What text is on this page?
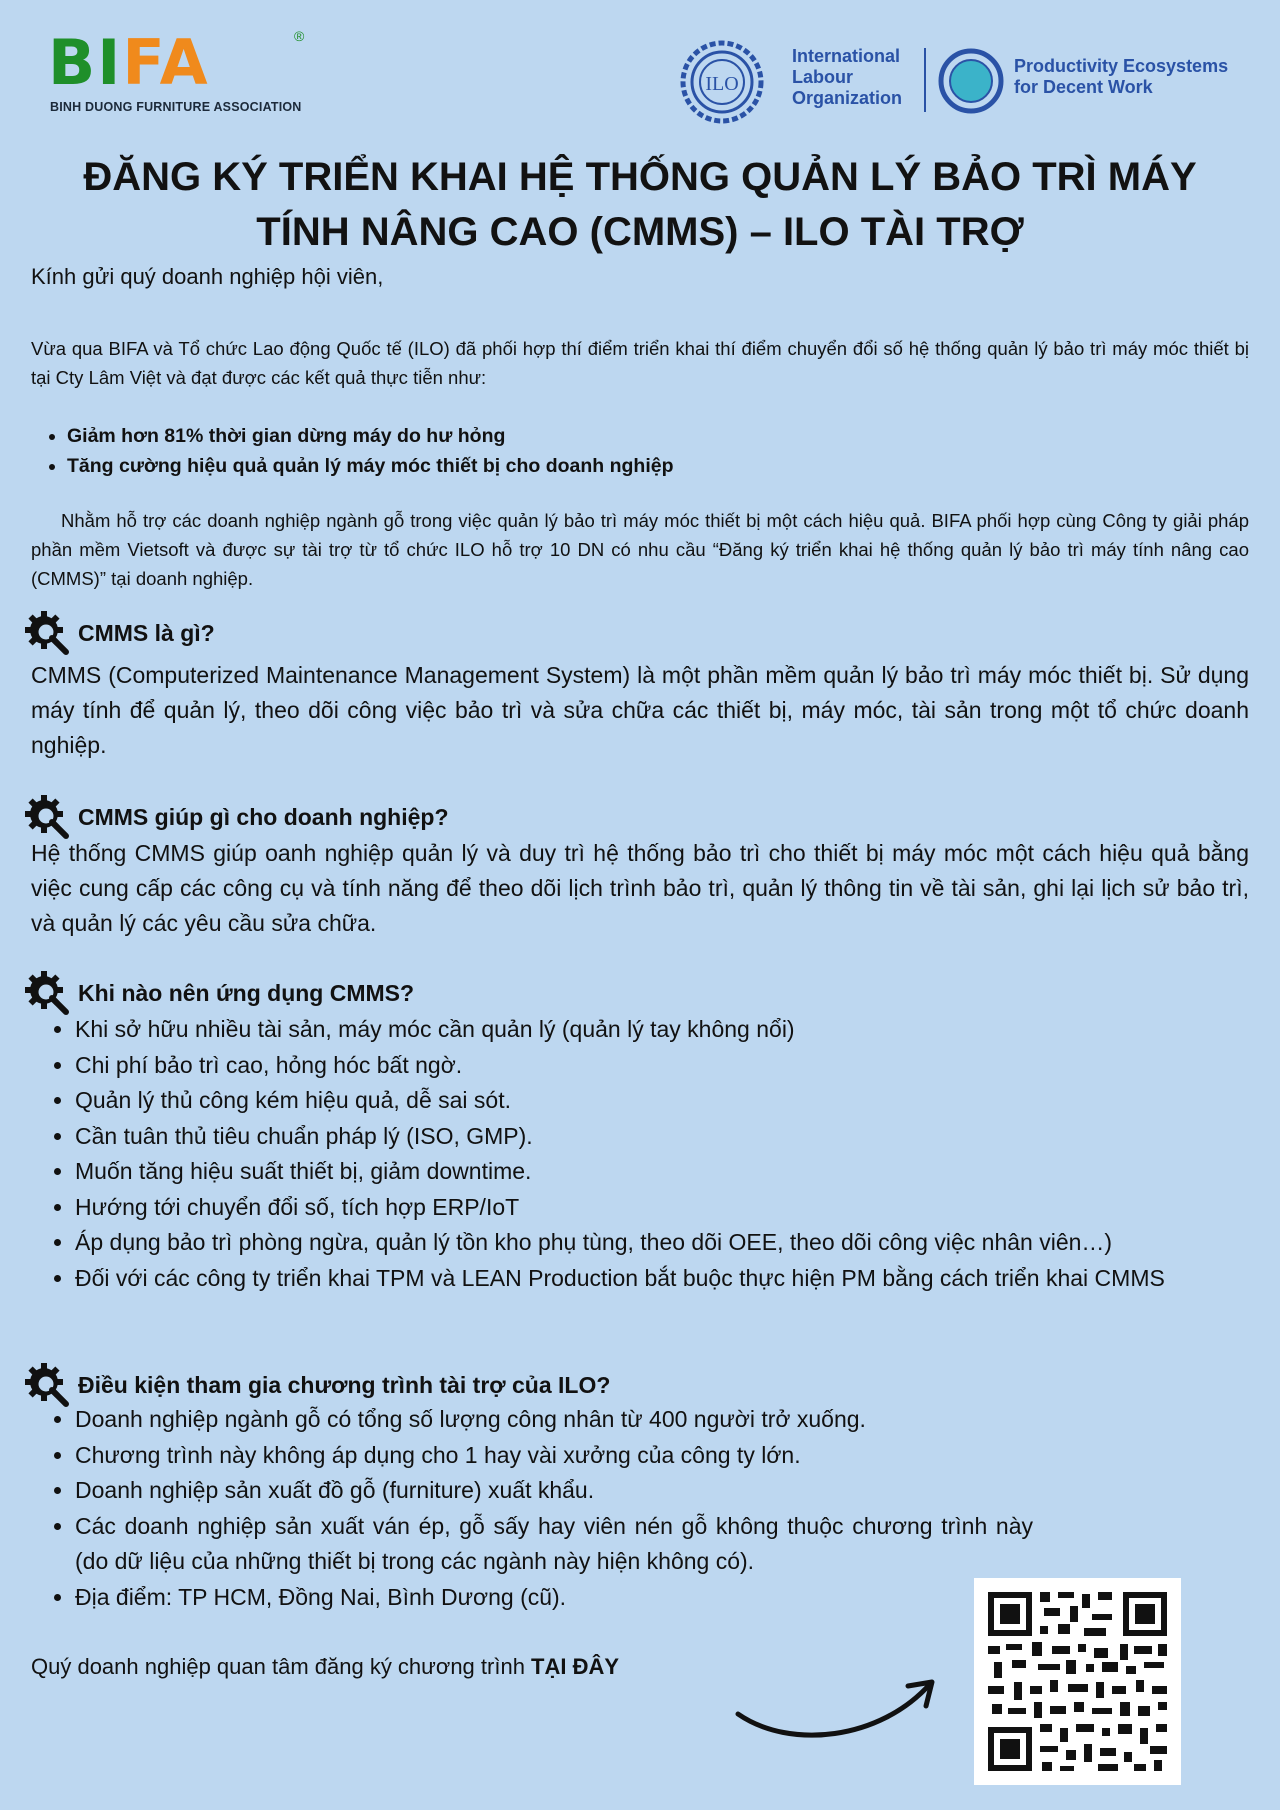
BIFA	®
BINH DUONG FURNITURE ASSOCIATION
ILO
International
Labour
Organization
Productivity Ecosystems
for Decent Work
ĐĂNG KÝ TRIỂN KHAI HỆ THỐNG QUẢN LÝ BẢO TRÌ MÁY
TÍNH NÂNG CAO (CMMS) – ILO TÀI TRỢ
Kính gửi quý doanh nghiệp hội viên,
Vừa qua BIFA và Tổ chức Lao động Quốc tế (ILO) đã phối hợp thí điểm triển khai thí điểm chuyển đổi số hệ thống quản lý bảo trì máy móc thiết bị tại Cty Lâm Việt và đạt được các kết quả thực tiễn như:
• Giảm hơn 81% thời gian dừng máy do hư hỏng
• Tăng cường hiệu quả quản lý máy móc thiết bị cho doanh nghiệp
Nhằm hỗ trợ các doanh nghiệp ngành gỗ trong việc quản lý bảo trì máy móc thiết bị một cách hiệu quả. BIFA phối hợp cùng Công ty giải pháp phần mềm Vietsoft và được sự tài trợ từ tổ chức ILO hỗ trợ 10 DN có nhu cầu “Đăng ký triển khai hệ thống quản lý bảo trì máy tính nâng cao (CMMS)” tại doanh nghiệp.
CMMS là gì?
CMMS (Computerized Maintenance Management System) là một phần mềm quản lý bảo trì máy móc thiết bị. Sử dụng máy tính để quản lý, theo dõi công việc bảo trì và sửa chữa các thiết bị, máy móc, tài sản trong một tổ chức doanh nghiệp.
CMMS giúp gì cho doanh nghiệp?
Hệ thống CMMS giúp oanh nghiệp quản lý và duy trì hệ thống bảo trì cho thiết bị máy móc một cách hiệu quả bằng việc cung cấp các công cụ và tính năng để theo dõi lịch trình bảo trì, quản lý thông tin về tài sản, ghi lại lịch sử bảo trì, và quản lý các yêu cầu sửa chữa.
Khi nào nên ứng dụng CMMS?
• Khi sở hữu nhiều tài sản, máy móc cần quản lý (quản lý tay không nổi)
• Chi phí bảo trì cao, hỏng hóc bất ngờ.
• Quản lý thủ công kém hiệu quả, dễ sai sót.
• Cần tuân thủ tiêu chuẩn pháp lý (ISO, GMP).
• Muốn tăng hiệu suất thiết bị, giảm downtime.
• Hướng tới chuyển đổi số, tích hợp ERP/IoT
• Áp dụng bảo trì phòng ngừa, quản lý tồn kho phụ tùng, theo dõi OEE, theo dõi công việc nhân viên…)
• Đối với các công ty triển khai TPM và LEAN Production bắt buộc thực hiện PM bằng cách triển khai CMMS
Điều kiện tham gia chương trình tài trợ của ILO?
• Doanh nghiệp ngành gỗ có tổng số lượng công nhân từ 400 người trở xuống.
• Chương trình này không áp dụng cho 1 hay vài xưởng của công ty lớn.
• Doanh nghiệp sản xuất đồ gỗ (furniture) xuất khẩu.
• Các doanh nghiệp sản xuất ván ép, gỗ sấy hay viên nén gỗ không thuộc chương trình này (do dữ liệu của những thiết bị trong các ngành này hiện không có).
• Địa điểm: TP HCM, Đồng Nai, Bình Dương (cũ).
Quý doanh nghiệp quan tâm đăng ký chương trình TẠI ĐÂY
